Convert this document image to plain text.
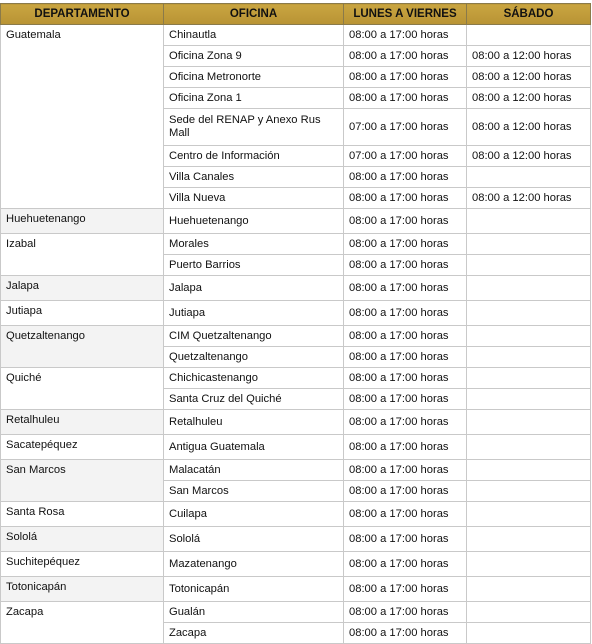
DEPARTAMENTO	OFICINA	LUNES A VIERNES	SÁBADO
Guatemala	Chinautla	08:00 a 17:00 horas	
	Oficina Zona 9	08:00 a 17:00 horas	08:00 a 12:00 horas
	Oficina Metronorte	08:00 a 17:00 horas	08:00 a 12:00 horas
	Oficina Zona 1	08:00 a 17:00 horas	08:00 a 12:00 horas
	Sede del RENAP y Anexo Rus Mall	07:00 a 17:00 horas	08:00 a 12:00 horas
	Centro de Información	07:00 a 17:00 horas	08:00 a 12:00 horas
	Villa Canales	08:00 a 17:00 horas	
	Villa Nueva	08:00 a 17:00 horas	08:00 a 12:00 horas
Huehuetenango	Huehuetenango	08:00 a 17:00 horas	
Izabal	Morales	08:00 a 17:00 horas	
	Puerto Barrios	08:00 a 17:00 horas	
Jalapa	Jalapa	08:00 a 17:00 horas	
Jutiapa	Jutiapa	08:00 a 17:00 horas	
Quetzaltenango	CIM Quetzaltenango	08:00 a 17:00 horas	
	Quetzaltenango	08:00 a 17:00 horas	
Quiché	Chichicastenango	08:00 a 17:00 horas	
	Santa Cruz del Quiché	08:00 a 17:00 horas	
Retalhuleu	Retalhuleu	08:00 a 17:00 horas	
Sacatepéquez	Antigua Guatemala	08:00 a 17:00 horas	
San Marcos	Malacatán	08:00 a 17:00 horas	
	San Marcos	08:00 a 17:00 horas	
Santa Rosa	Cuilapa	08:00 a 17:00 horas	
Sololá	Sololá	08:00 a 17:00 horas	
Suchitepéquez	Mazatenango	08:00 a 17:00 horas	
Totonicapán	Totonicapán	08:00 a 17:00 horas	
Zacapa	Gualán	08:00 a 17:00 horas	
	Zacapa	08:00 a 17:00 horas	
